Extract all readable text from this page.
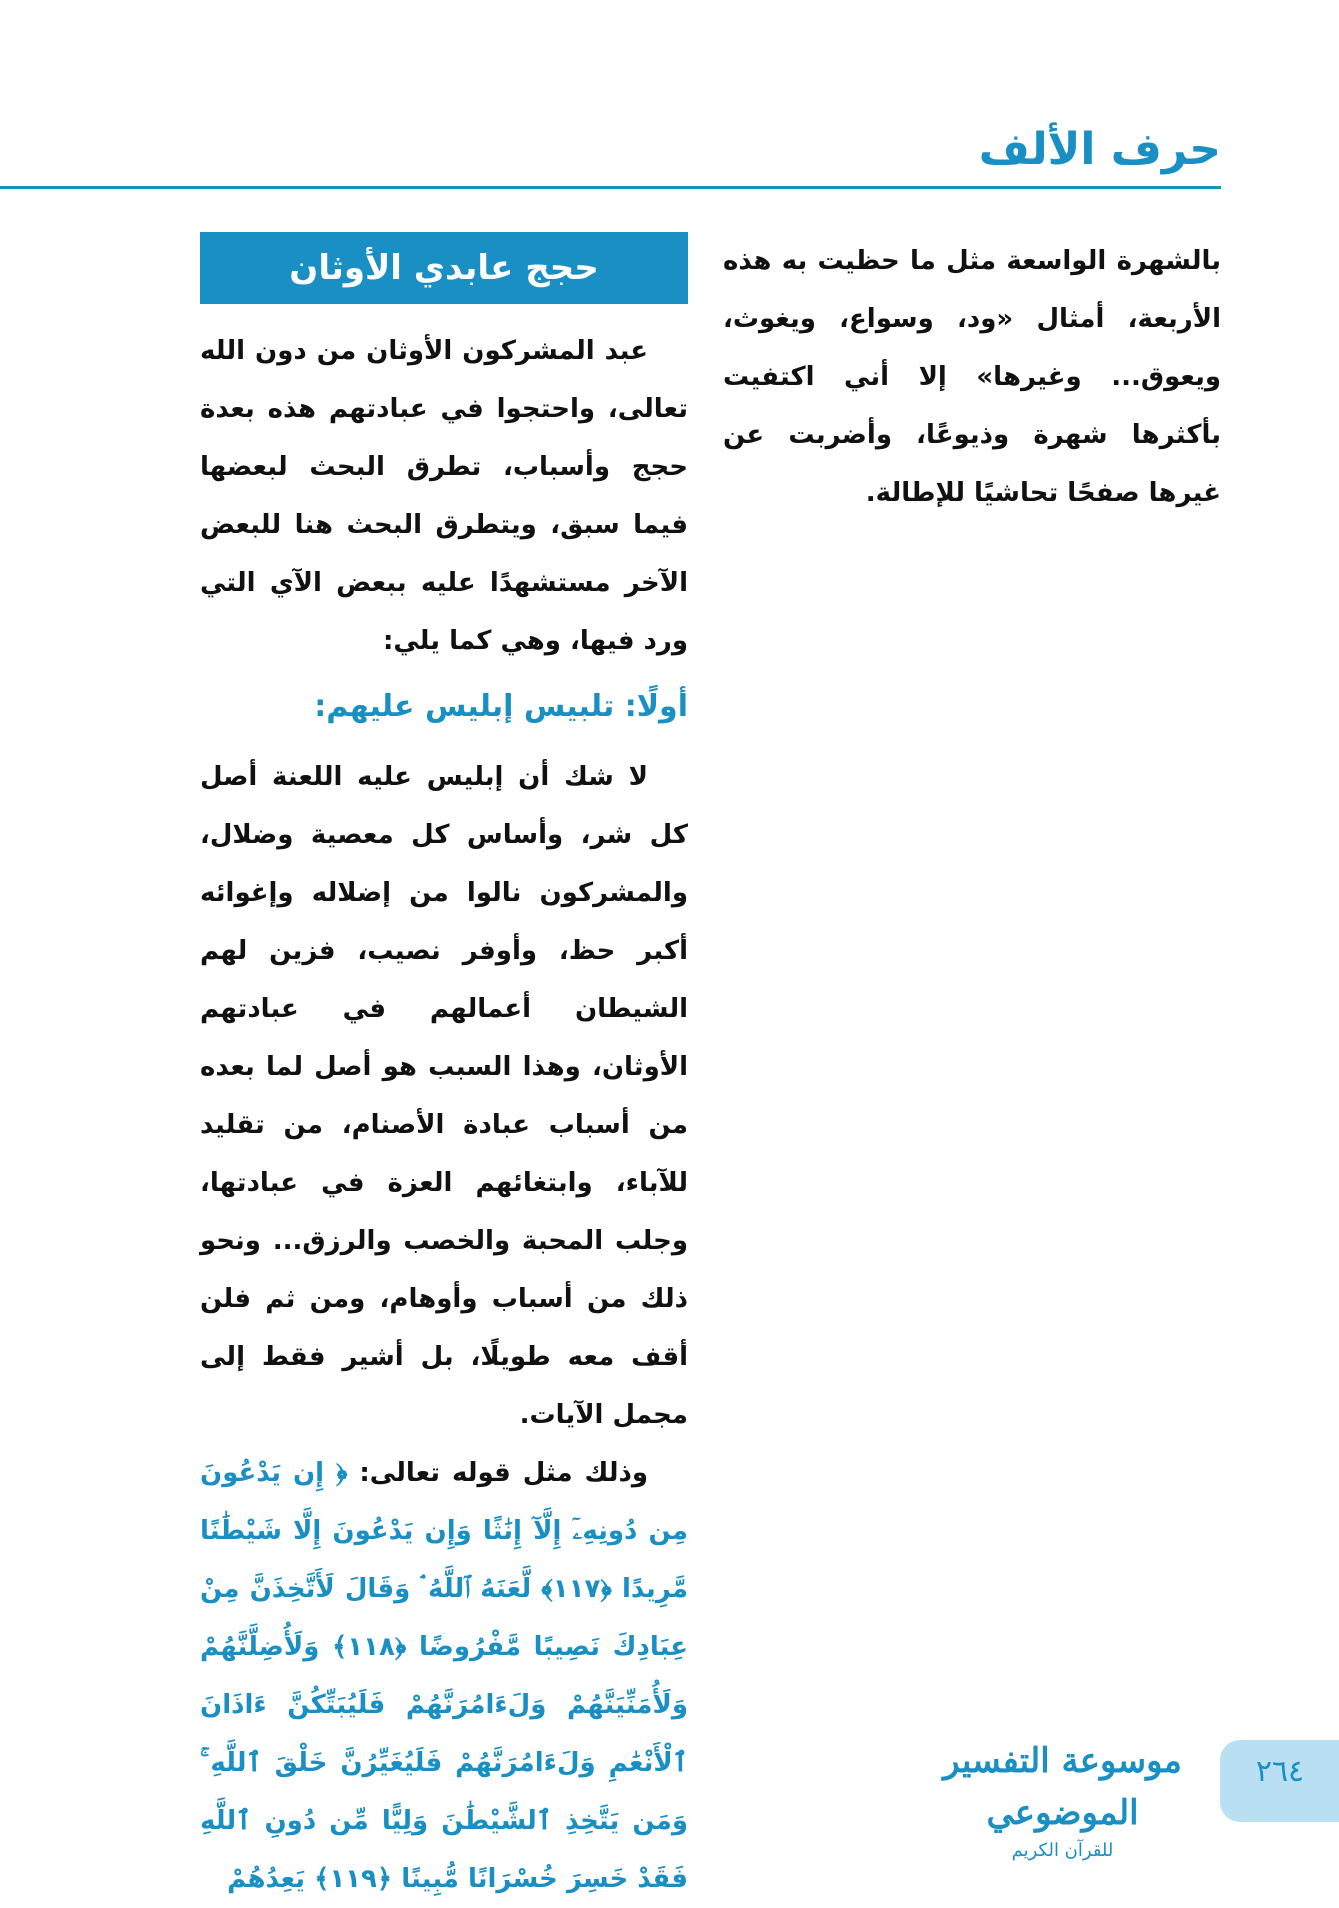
حرف الألف

بالشهرة الواسعة مثل ما حظيت به هذه الأربعة، أمثال «ود، وسواع، ويغوث، ويعوق... وغيرها» إلا أني اكتفيت بأكثرها شهرة وذيوعًا، وأضربت عن غيرها صفحًا تحاشيًا للإطالة.

حجج عابدي الأوثان

عبد المشركون الأوثان من دون الله تعالى، واحتجوا في عبادتهم هذه بعدة حجج وأسباب، تطرق البحث لبعضها فيما سبق، ويتطرق البحث هنا للبعض الآخر مستشهدًا عليه ببعض الآي التي ورد فيها، وهي كما يلي:

أولًا: تلبيس إبليس عليهم:

لا شك أن إبليس عليه اللعنة أصل كل شر، وأساس كل معصية وضلال، والمشركون نالوا من إضلاله وإغوائه أكبر حظ، وأوفر نصيب، فزين لهم الشيطان أعمالهم في عبادتهم الأوثان، وهذا السبب هو أصل لما بعده من أسباب عبادة الأصنام، من تقليد للآباء، وابتغائهم العزة في عبادتها، وجلب المحبة والخصب والرزق... ونحو ذلك من أسباب وأوهام، ومن ثم فلن أقف معه طويلًا، بل أشير فقط إلى مجمل الآيات.

وذلك مثل قوله تعالى: ﴿ إِن يَدْعُونَ مِن دُونِهِۦٓ إِلَّآ إِنَٰثًا وَإِن يَدْعُونَ إِلَّا شَيْطَٰنًا مَّرِيدًا ﴿١١٧﴾ لَّعَنَهُ ٱللَّهُ ۘ وَقَالَ لَأَتَّخِذَنَّ مِنْ عِبَادِكَ نَصِيبًا مَّفْرُوضًا ﴿١١٨﴾ وَلَأُضِلَّنَّهُمْ وَلَأُمَنِّيَنَّهُمْ وَلَءَامُرَنَّهُمْ فَلَيُبَتِّكُنَّ ءَاذَانَ ٱلْأَنْعَٰمِ وَلَءَامُرَنَّهُمْ فَلَيُغَيِّرُنَّ خَلْقَ ٱللَّهِ ۚ وَمَن يَتَّخِذِ ٱلشَّيْطَٰنَ وَلِيًّا مِّن دُونِ ٱللَّهِ فَقَدْ خَسِرَ خُسْرَانًا مُّبِينًا ﴿١١٩﴾ يَعِدُهُمْ

موسوعة التفسير الموضوعي
للقرآن الكريم
٢٦٤
